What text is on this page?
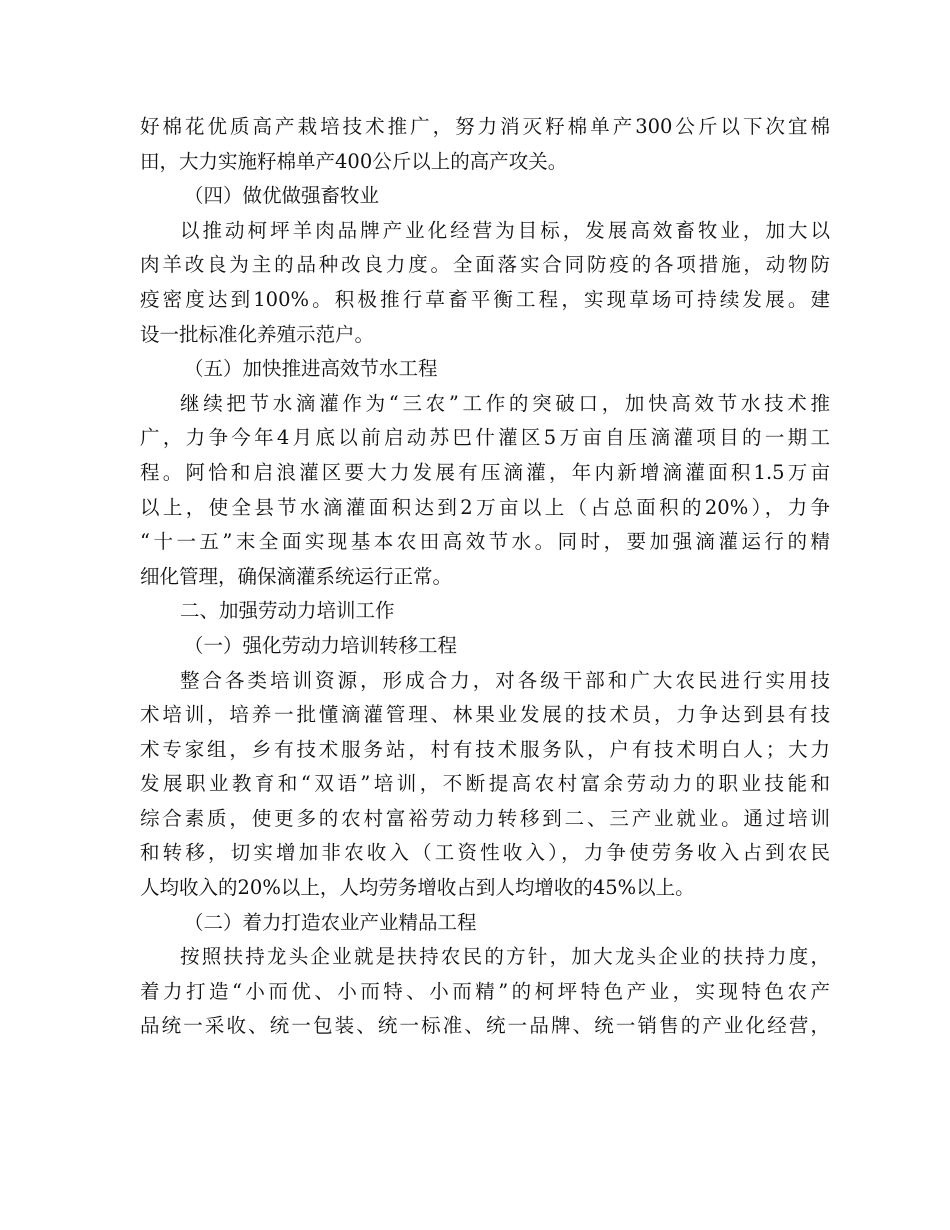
好棉花优质高产栽培技术推广，努力消灭籽棉单产300公斤以下次宜棉
田，大力实施籽棉单产400公斤以上的高产攻关。
（四）做优做强畜牧业
以推动柯坪羊肉品牌产业化经营为目标，发展高效畜牧业，加大以
肉羊改良为主的品种改良力度。全面落实合同防疫的各项措施，动物防
疫密度达到100%。积极推行草畜平衡工程，实现草场可持续发展。建
设一批标准化养殖示范户。
（五）加快推进高效节水工程
继续把节水滴灌作为“三农”工作的突破口，加快高效节水技术推
广，力争今年4月底以前启动苏巴什灌区5万亩自压滴灌项目的一期工
程。阿恰和启浪灌区要大力发展有压滴灌，年内新增滴灌面积1.5万亩
以上，使全县节水滴灌面积达到2万亩以上（占总面积的20%），力争
“十一五”末全面实现基本农田高效节水。同时，要加强滴灌运行的精
细化管理，确保滴灌系统运行正常。
二、加强劳动力培训工作
（一）强化劳动力培训转移工程
整合各类培训资源，形成合力，对各级干部和广大农民进行实用技
术培训，培养一批懂滴灌管理、林果业发展的技术员，力争达到县有技
术专家组，乡有技术服务站，村有技术服务队，户有技术明白人；大力
发展职业教育和“双语”培训，不断提高农村富余劳动力的职业技能和
综合素质，使更多的农村富裕劳动力转移到二、三产业就业。通过培训
和转移，切实增加非农收入（工资性收入），力争使劳务收入占到农民
人均收入的20%以上，人均劳务增收占到人均增收的45%以上。
（二）着力打造农业产业精品工程
按照扶持龙头企业就是扶持农民的方针，加大龙头企业的扶持力度，
着力打造“小而优、小而特、小而精”的柯坪特色产业，实现特色农产
品统一采收、统一包装、统一标准、统一品牌、统一销售的产业化经营，
